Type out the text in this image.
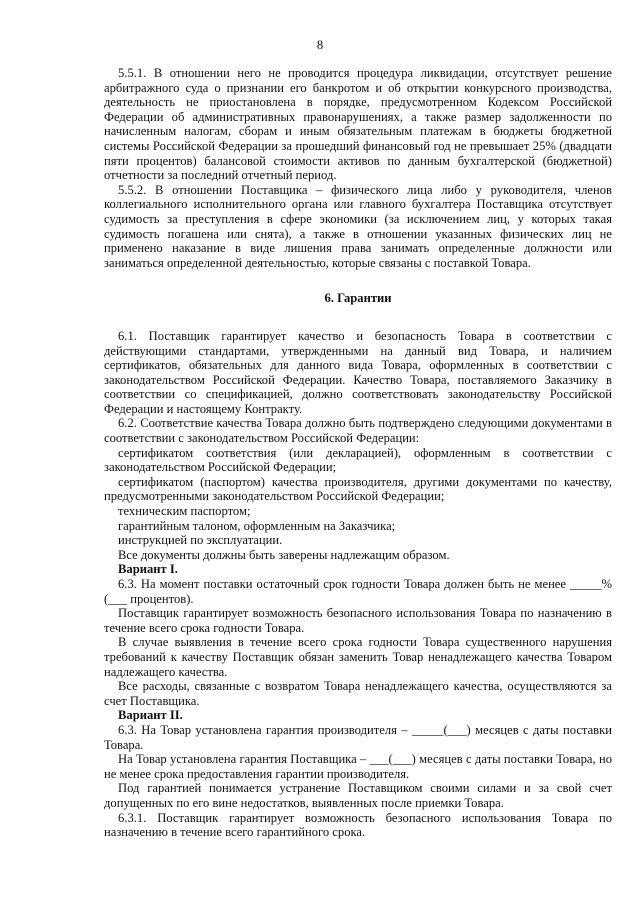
8

5.5.1. В отношении него не проводится процедура ликвидации, отсутствует решение арбитражного суда о признании его банкротом и об открытии конкурсного производства, деятельность не приостановлена в порядке, предусмотренном Кодексом Российской Федерации об административных правонарушениях, а также размер задолженности по начисленным налогам, сборам и иным обязательным платежам в бюджеты бюджетной системы Российской Федерации за прошедший финансовый год не превышает 25% (двадцати пяти процентов) балансовой стоимости активов по данным бухгалтерской (бюджетной) отчетности за последний отчетный период.

5.5.2. В отношении Поставщика – физического лица либо у руководителя, членов коллегиального исполнительного органа или главного бухгалтера Поставщика отсутствует судимость за преступления в сфере экономики (за исключением лиц, у которых такая судимость погашена или снята), а также в отношении указанных физических лиц не применено наказание в виде лишения права занимать определенные должности или заниматься определенной деятельностью, которые связаны с поставкой Товара.

6. Гарантии

6.1. Поставщик гарантирует качество и безопасность Товара в соответствии с действующими стандартами, утвержденными на данный вид Товара, и наличием сертификатов, обязательных для данного вида Товара, оформленных в соответствии с законодательством Российской Федерации. Качество Товара, поставляемого Заказчику в соответствии со спецификацией, должно соответствовать законодательству Российской Федерации и настоящему Контракту.

6.2. Соответствие качества Товара должно быть подтверждено следующими документами в соответствии с законодательством Российской Федерации:

сертификатом соответствия (или декларацией), оформленным в соответствии с законодательством Российской Федерации;

сертификатом (паспортом) качества производителя, другими документами по качеству, предусмотренными законодательством Российской Федерации;

техническим паспортом;

гарантийным талоном, оформленным на Заказчика;

инструкцией по эксплуатации.

Все документы должны быть заверены надлежащим образом.

Вариант I.

6.3. На момент поставки остаточный срок годности Товара должен быть не менее _____% (___ процентов).

Поставщик гарантирует возможность безопасного использования Товара по назначению в течение всего срока годности Товара.

В случае выявления в течение всего срока годности Товара существенного нарушения требований к качеству Поставщик обязан заменить Товар ненадлежащего качества Товаром надлежащего качества.

Все расходы, связанные с возвратом Товара ненадлежащего качества, осуществляются за счет Поставщика.

Вариант II.

6.3. На Товар установлена гарантия производителя – _____(___) месяцев с даты поставки Товара.

На Товар установлена гарантия Поставщика – ___(___) месяцев с даты поставки Товара, но не менее срока предоставления гарантии производителя.

Под гарантией понимается устранение Поставщиком своими силами и за свой счет допущенных по его вине недостатков, выявленных после приемки Товара.

6.3.1. Поставщик гарантирует возможность безопасного использования Товара по назначению в течение всего гарантийного срока.
